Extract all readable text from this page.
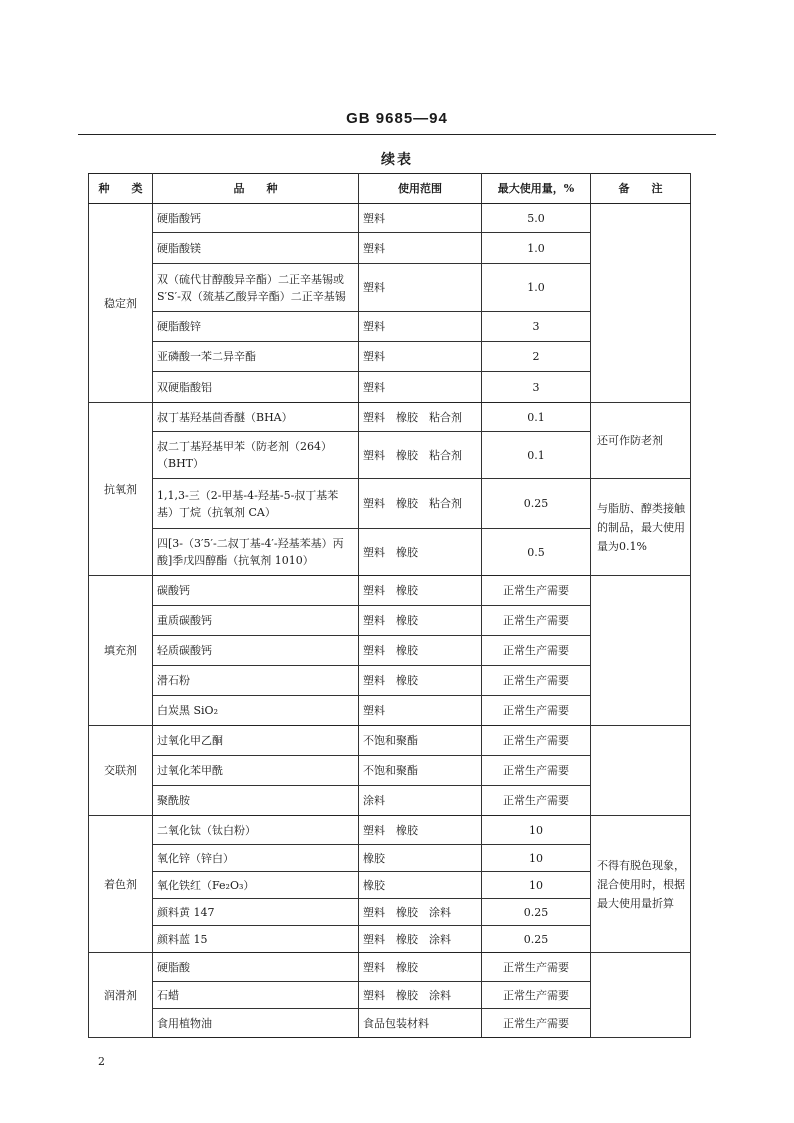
GB 9685—94
续表
种　　类	品　　种	使用范围	最大使用量，%	备　　注
稳定剂	硬脂酸钙	塑料	5.0	
	硬脂酸镁	塑料	1.0	
	双（硫代甘醇酸异辛酯）二正辛基锡或S′S′-双（巯基乙酸异辛酯）二正辛基锡	塑料	1.0	
	硬脂酸锌	塑料	3	
	亚磷酸一苯二异辛酯	塑料	2	
	双硬脂酸铝	塑料	3	
抗氧剂	叔丁基羟基茴香醚（BHA）	塑料　橡胶　粘合剂	0.1	还可作防老剂
	叔二丁基羟基甲苯（防老剂（264）（BHT）	塑料　橡胶　粘合剂	0.1	
	1,1,3-三（2-甲基-4-羟基-5-叔丁基苯基）丁烷（抗氧剂 CA）	塑料　橡胶　粘合剂	0.25	与脂肪、醇类接触的制品，最大使用量为0.1%
	四[3-（3′5′-二叔丁基-4′-羟基苯基）丙酸]季戊四醇酯（抗氧剂 1010）	塑料　橡胶	0.5	
填充剂	碳酸钙	塑料　橡胶	正常生产需要	
	重质碳酸钙	塑料　橡胶	正常生产需要	
	轻质碳酸钙	塑料　橡胶	正常生产需要	
	滑石粉	塑料　橡胶	正常生产需要	
	白炭黑 SiO₂	塑料	正常生产需要	
交联剂	过氧化甲乙酮	不饱和聚酯	正常生产需要	
	过氧化苯甲酰	不饱和聚酯	正常生产需要	
	聚酰胺	涂料	正常生产需要	
着色剂	二氧化钛（钛白粉）	塑料　橡胶	10	不得有脱色现象，混合使用时，根据最大使用量折算
	氧化锌（锌白）	橡胶	10	
	氧化铁红（Fe₂O₃）	橡胶	10	
	颜料黄 147	塑料　橡胶　涂料	0.25	
	颜料蓝 15	塑料　橡胶　涂料	0.25	
润滑剂	硬脂酸	塑料　橡胶	正常生产需要	
	石蜡	塑料　橡胶　涂料	正常生产需要	
	食用植物油	食品包装材料	正常生产需要	
2
